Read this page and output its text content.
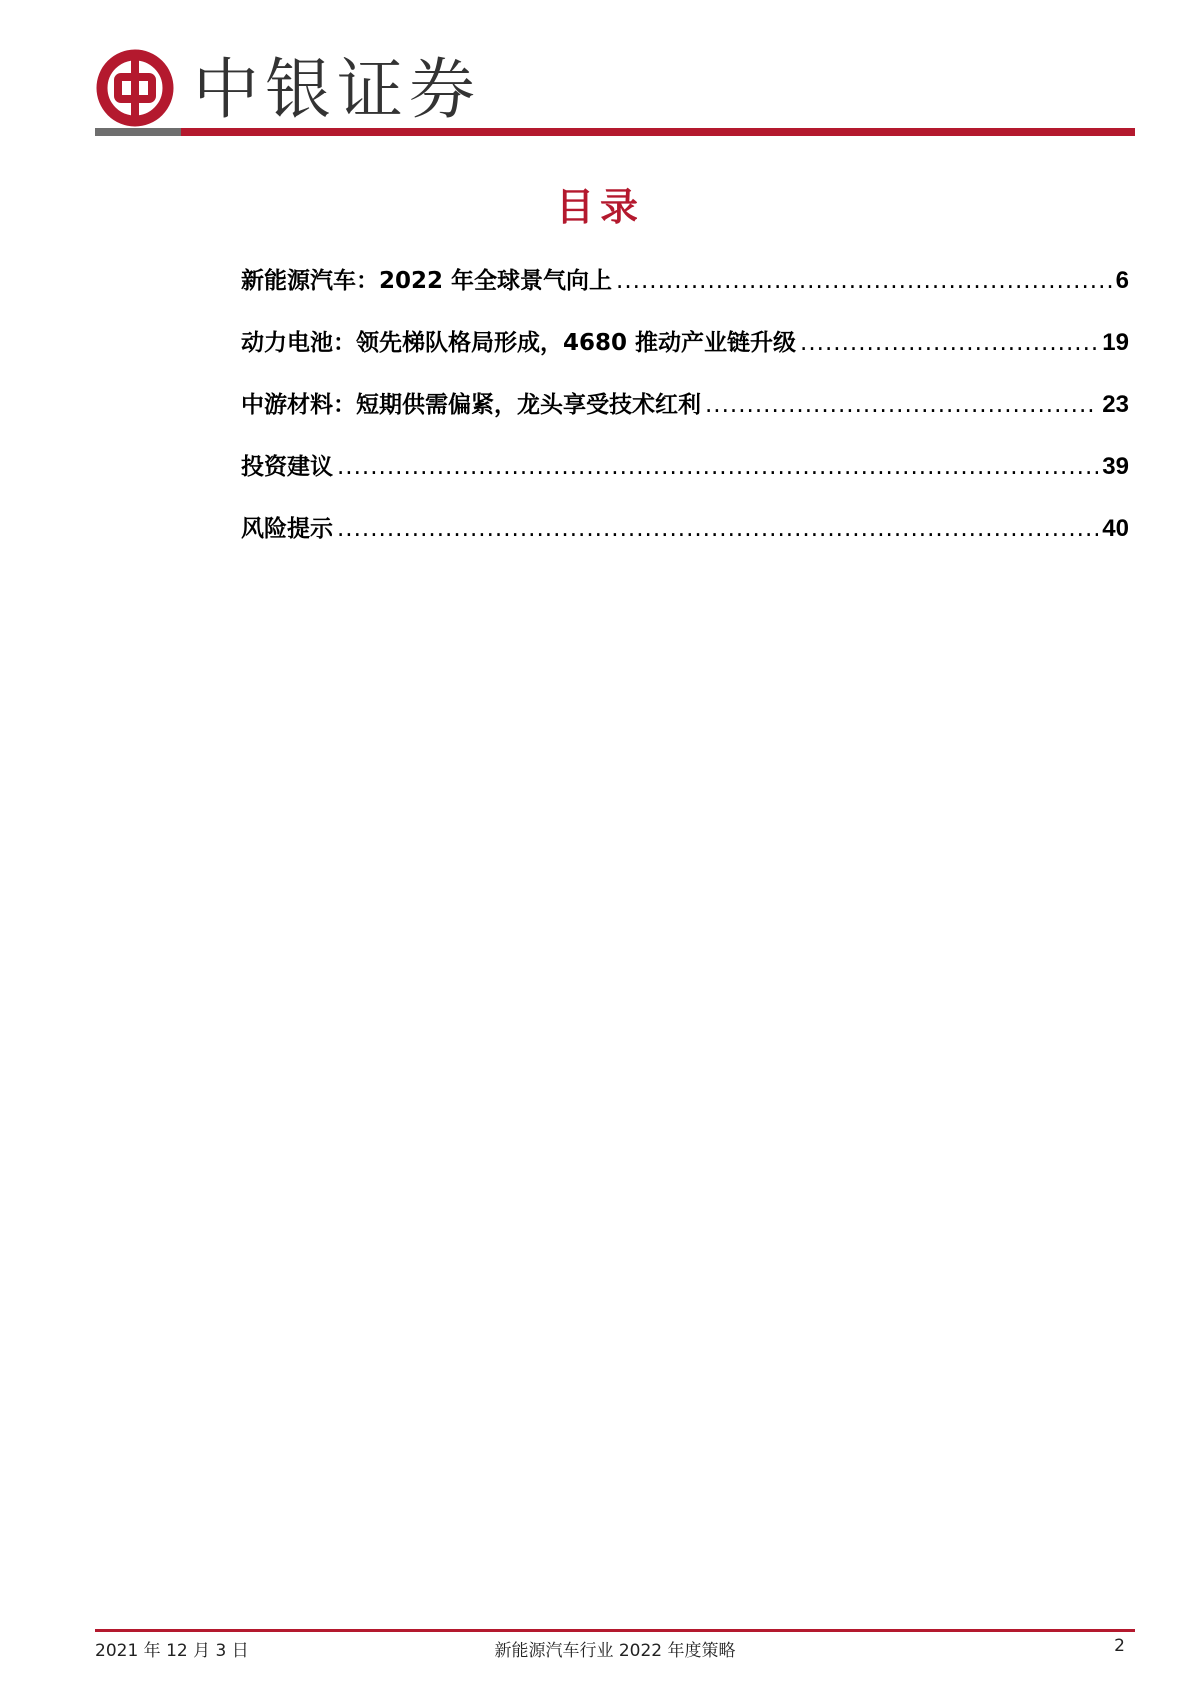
中银证券
目录
新能源汽车：2022 年全球景气向上 .....	6
动力电池：领先梯队格局形成，4680 推动产业链升级 .....	19
中游材料：短期供需偏紧，龙头享受技术红利 .....	23
投资建议 .....	39
风险提示 .....	40
2021 年 12 月 3 日	新能源汽车行业 2022 年度策略	2
